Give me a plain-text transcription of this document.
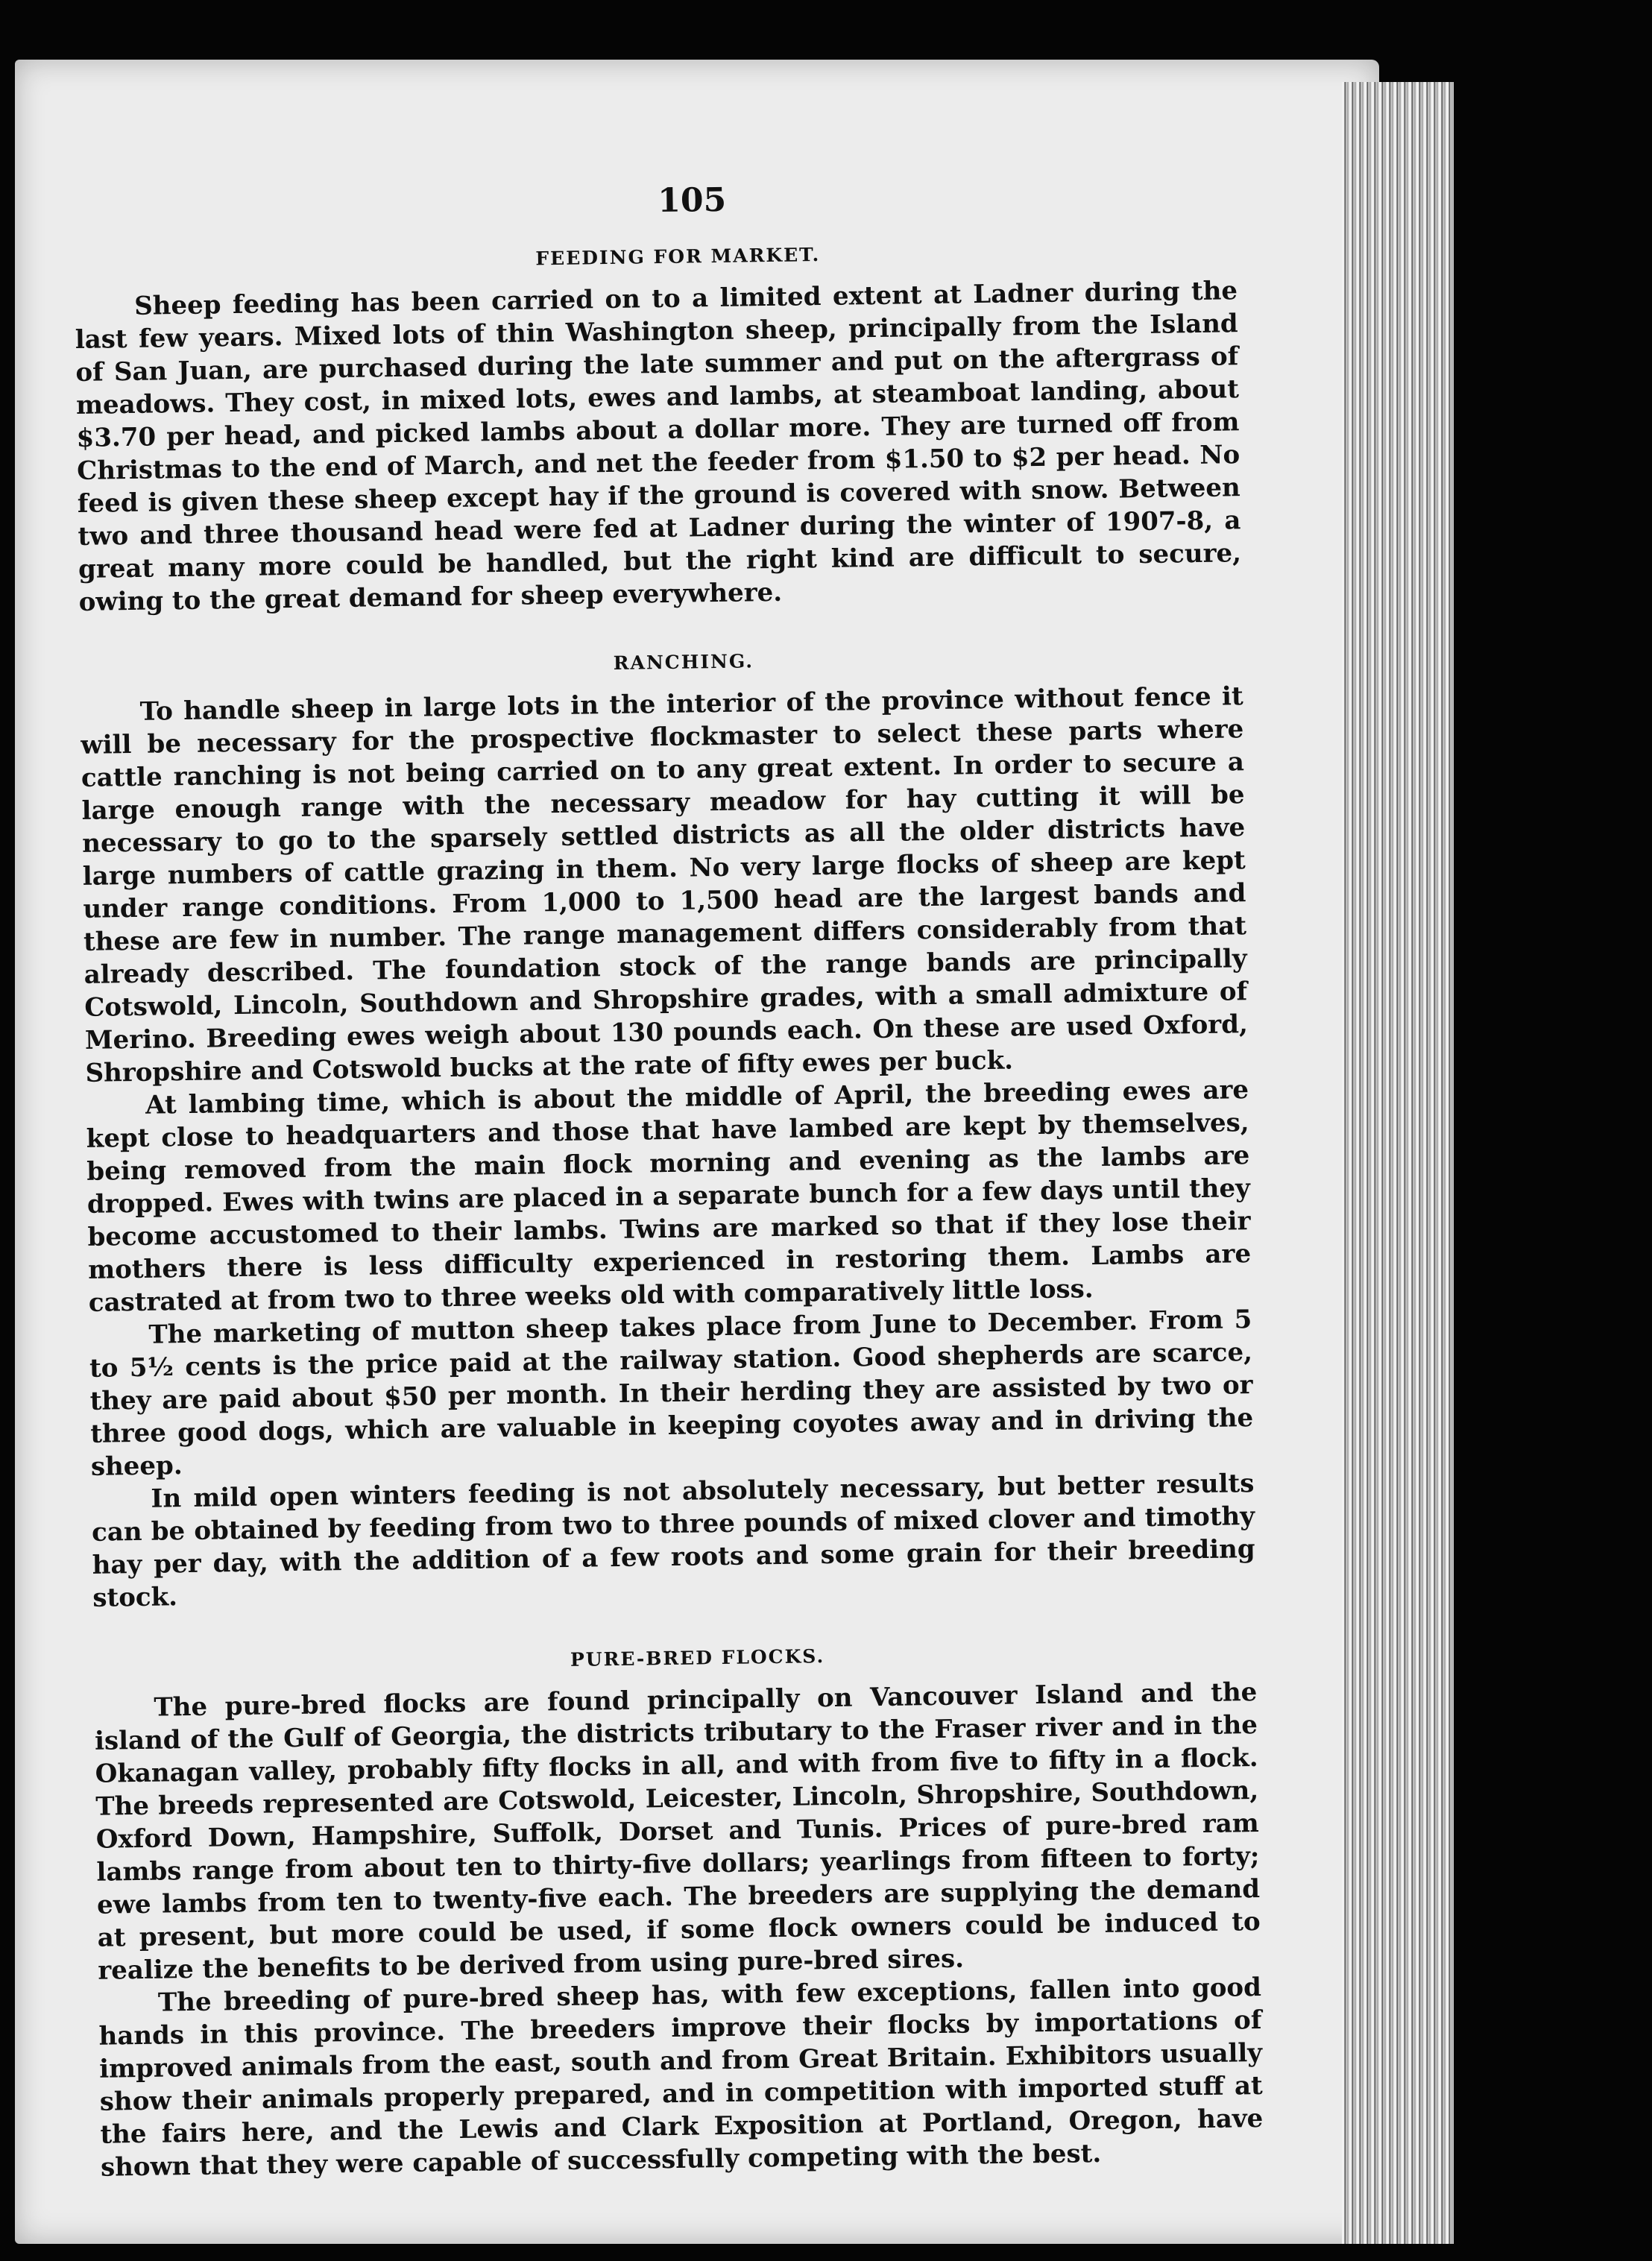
105
FEEDING FOR MARKET.

Sheep feeding has been carried on to a limited extent at Ladner during the last few years. Mixed lots of thin Washington sheep, principally from the Island of San Juan, are purchased during the late summer and put on the aftergrass of meadows. They cost, in mixed lots, ewes and lambs, at steamboat landing, about $3.70 per head, and picked lambs about a dollar more. They are turned off from Christmas to the end of March, and net the feeder from $1.50 to $2 per head. No feed is given these sheep except hay if the ground is covered with snow. Between two and three thousand head were fed at Ladner during the winter of 1907-8, a great many more could be handled, but the right kind are difficult to secure, owing to the great demand for sheep everywhere.

RANCHING.

To handle sheep in large lots in the interior of the province without fence it will be necessary for the prospective flockmaster to select these parts where cattle ranching is not being carried on to any great extent. In order to secure a large enough range with the necessary meadow for hay cutting it will be necessary to go to the sparsely settled districts as all the older districts have large numbers of cattle grazing in them. No very large flocks of sheep are kept under range conditions. From 1,000 to 1,500 head are the largest bands and these are few in number. The range management differs considerably from that already described. The foundation stock of the range bands are principally Cotswold, Lincoln, Southdown and Shropshire grades, with a small admixture of Merino. Breeding ewes weigh about 130 pounds each. On these are used Oxford, Shropshire and Cotswold bucks at the rate of fifty ewes per buck.

At lambing time, which is about the middle of April, the breeding ewes are kept close to headquarters and those that have lambed are kept by themselves, being removed from the main flock morning and evening as the lambs are dropped. Ewes with twins are placed in a separate bunch for a few days until they become accustomed to their lambs. Twins are marked so that if they lose their mothers there is less difficulty experienced in restoring them. Lambs are castrated at from two to three weeks old with comparatively little loss.

The marketing of mutton sheep takes place from June to December. From 5 to 5½ cents is the price paid at the railway station. Good shepherds are scarce, they are paid about $50 per month. In their herding they are assisted by two or three good dogs, which are valuable in keeping coyotes away and in driving the sheep.

In mild open winters feeding is not absolutely necessary, but better results can be obtained by feeding from two to three pounds of mixed clover and timothy hay per day, with the addition of a few roots and some grain for their breeding stock.

PURE-BRED FLOCKS.

The pure-bred flocks are found principally on Vancouver Island and the island of the Gulf of Georgia, the districts tributary to the Fraser river and in the Okanagan valley, probably fifty flocks in all, and with from five to fifty in a flock. The breeds represented are Cotswold, Leicester, Lincoln, Shropshire, Southdown, Oxford Down, Hampshire, Suffolk, Dorset and Tunis. Prices of pure-bred ram lambs range from about ten to thirty-five dollars; yearlings from fifteen to forty; ewe lambs from ten to twenty-five each. The breeders are supplying the demand at present, but more could be used, if some flock owners could be induced to realize the benefits to be derived from using pure-bred sires.

The breeding of pure-bred sheep has, with few exceptions, fallen into good hands in this province. The breeders improve their flocks by importations of improved animals from the east, south and from Great Britain. Exhibitors usually show their animals properly prepared, and in competition with imported stuff at the fairs here, and the Lewis and Clark Exposition at Portland, Oregon, have shown that they were capable of successfully competing with the best.
